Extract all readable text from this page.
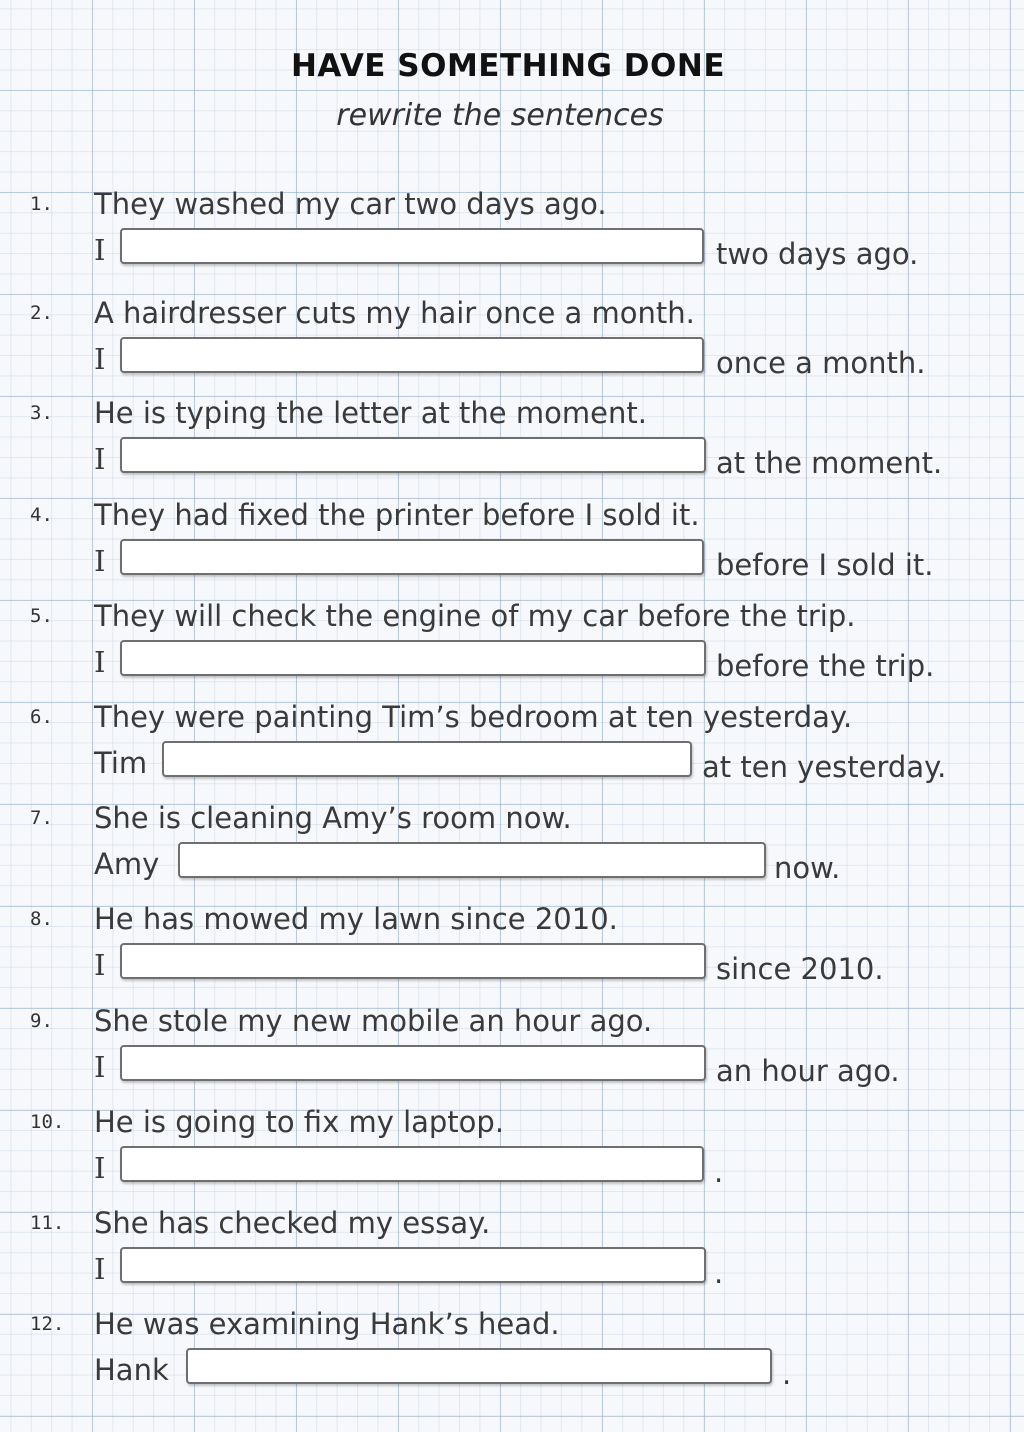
HAVE SOMETHING DONE
rewrite the sentences
1. They washed my car two days ago.
I	two days ago.
2. A hairdresser cuts my hair once a month.
I	once a month.
3. He is typing the letter at the moment.
I	at the moment.
4. They had fixed the printer before I sold it.
I	before I sold it.
5. They will check the engine of my car before the trip.
I	before the trip.
6. They were painting Tim’s bedroom at ten yesterday.
Tim	at ten yesterday.
7. She is cleaning Amy’s room now.
Amy	now.
8. He has mowed my lawn since 2010.
I	since 2010.
9. She stole my new mobile an hour ago.
I	an hour ago.
10. He is going to fix my laptop.
I	.
11. She has checked my essay.
I	.
12. He was examining Hank’s head.
Hank	.
